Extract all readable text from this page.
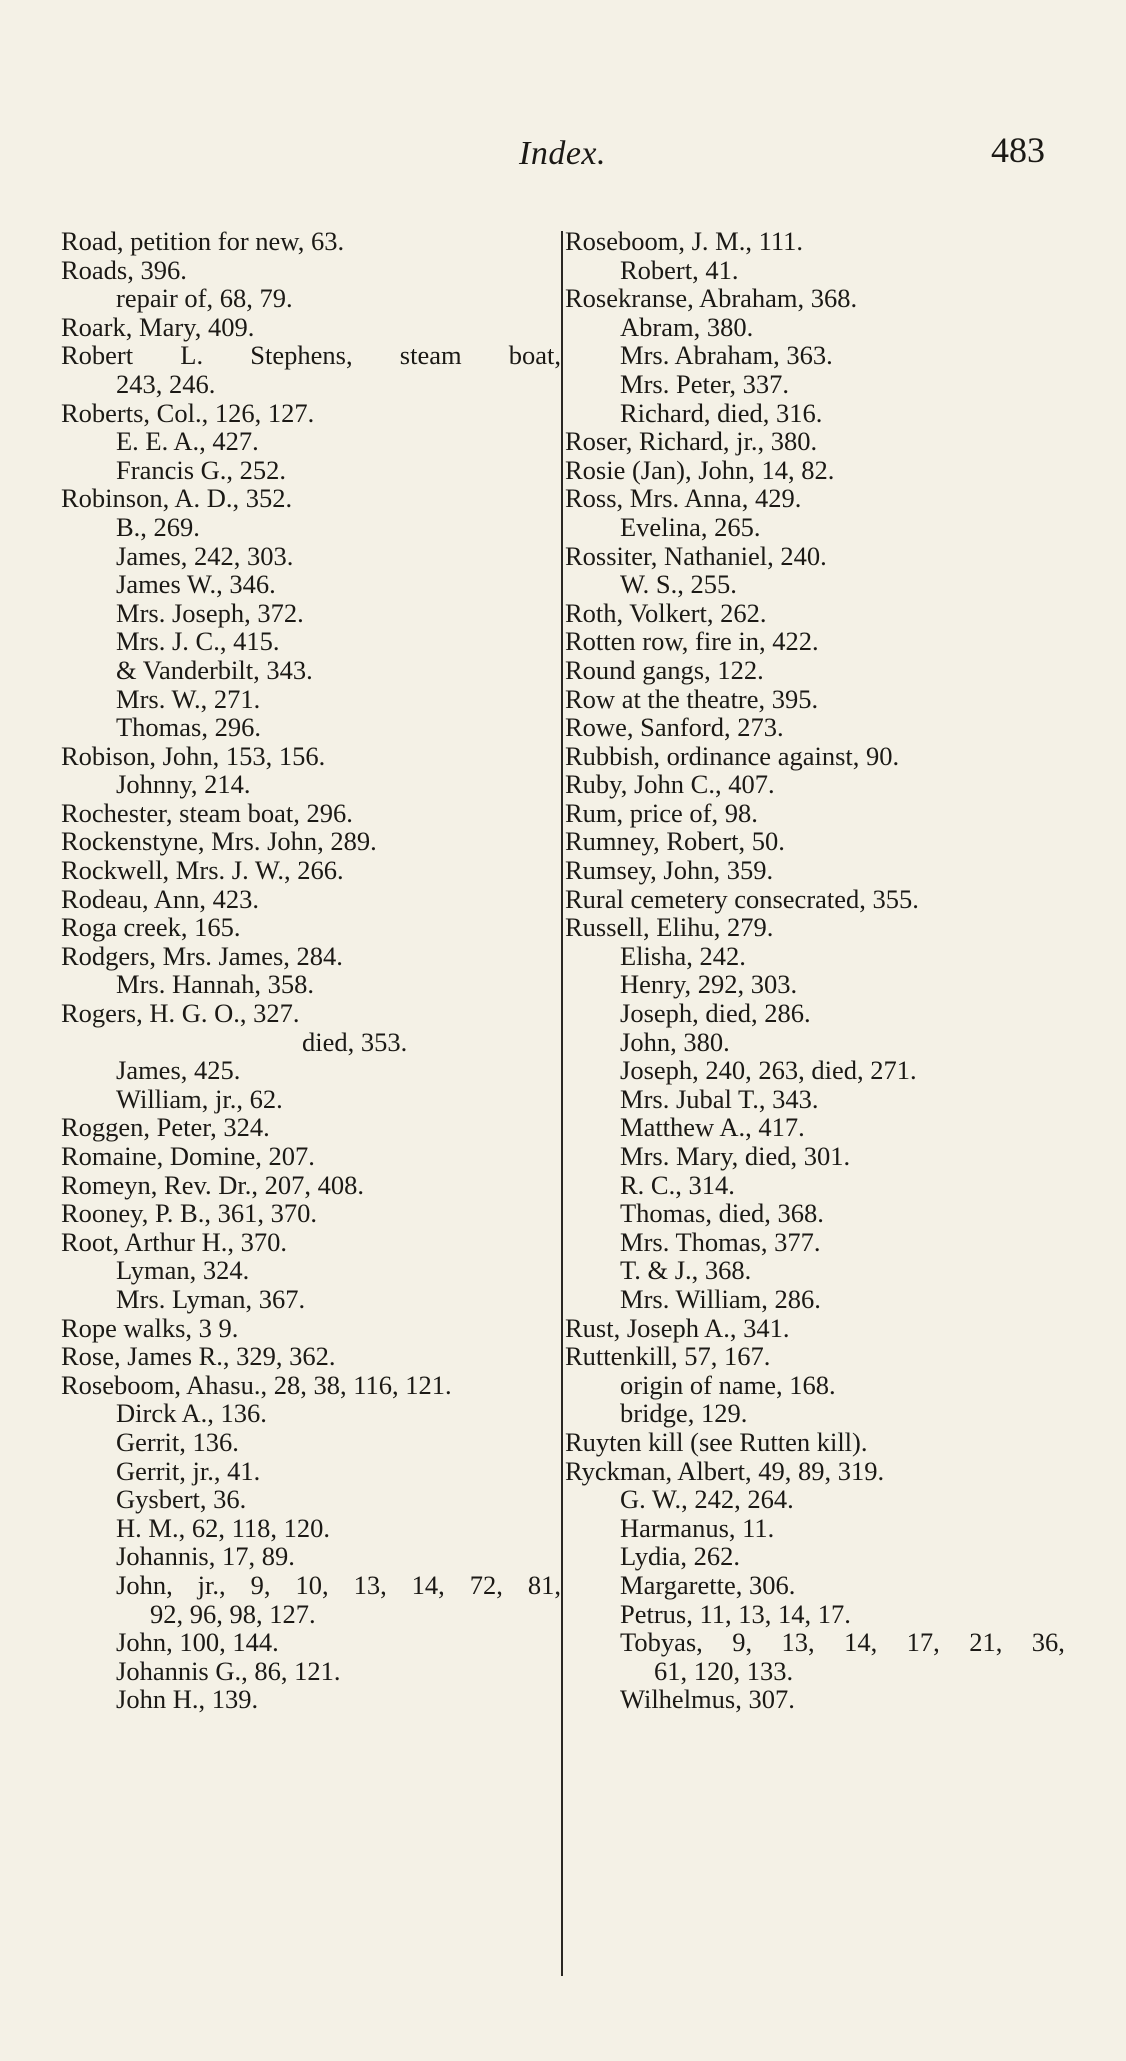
Index.	483
Road, petition for new, 63.
Roads, 396.
repair of, 68, 79.
Roark, Mary, 409.
Robert L. Stephens, steam boat,
243, 246.
Roberts, Col., 126, 127.
E. E. A., 427.
Francis G., 252.
Robinson, A. D., 352.
B., 269.
James, 242, 303.
James W., 346.
Mrs. Joseph, 372.
Mrs. J. C., 415.
& Vanderbilt, 343.
Mrs. W., 271.
Thomas, 296.
Robison, John, 153, 156.
Johnny, 214.
Rochester, steam boat, 296.
Rockenstyne, Mrs. John, 289.
Rockwell, Mrs. J. W., 266.
Rodeau, Ann, 423.
Roga creek, 165.
Rodgers, Mrs. James, 284.
Mrs. Hannah, 358.
Rogers, H. G. O., 327.
died, 353.
James, 425.
William, jr., 62.
Roggen, Peter, 324.
Romaine, Domine, 207.
Romeyn, Rev. Dr., 207, 408.
Rooney, P. B., 361, 370.
Root, Arthur H., 370.
Lyman, 324.
Mrs. Lyman, 367.
Rope walks, 3 9.
Rose, James R., 329, 362.
Roseboom, Ahasu., 28, 38, 116, 121.
Dirck A., 136.
Gerrit, 136.
Gerrit, jr., 41.
Gysbert, 36.
H. M., 62, 118, 120.
Johannis, 17, 89.
John, jr., 9, 10, 13, 14, 72, 81,
92, 96, 98, 127.
John, 100, 144.
Johannis G., 86, 121.
John H., 139.
Roseboom, J. M., 111.
Robert, 41.
Rosekranse, Abraham, 368.
Abram, 380.
Mrs. Abraham, 363.
Mrs. Peter, 337.
Richard, died, 316.
Roser, Richard, jr., 380.
Rosie (Jan), John, 14, 82.
Ross, Mrs. Anna, 429.
Evelina, 265.
Rossiter, Nathaniel, 240.
W. S., 255.
Roth, Volkert, 262.
Rotten row, fire in, 422.
Round gangs, 122.
Row at the theatre, 395.
Rowe, Sanford, 273.
Rubbish, ordinance against, 90.
Ruby, John C., 407.
Rum, price of, 98.
Rumney, Robert, 50.
Rumsey, John, 359.
Rural cemetery consecrated, 355.
Russell, Elihu, 279.
Elisha, 242.
Henry, 292, 303.
Joseph, died, 286.
John, 380.
Joseph, 240, 263, died, 271.
Mrs. Jubal T., 343.
Matthew A., 417.
Mrs. Mary, died, 301.
R. C., 314.
Thomas, died, 368.
Mrs. Thomas, 377.
T. & J., 368.
Mrs. William, 286.
Rust, Joseph A., 341.
Ruttenkill, 57, 167.
origin of name, 168.
bridge, 129.
Ruyten kill (see Rutten kill).
Ryckman, Albert, 49, 89, 319.
G. W., 242, 264.
Harmanus, 11.
Lydia, 262.
Margarette, 306.
Petrus, 11, 13, 14, 17.
Tobyas, 9, 13, 14, 17, 21, 36,
61, 120, 133.
Wilhelmus, 307.
